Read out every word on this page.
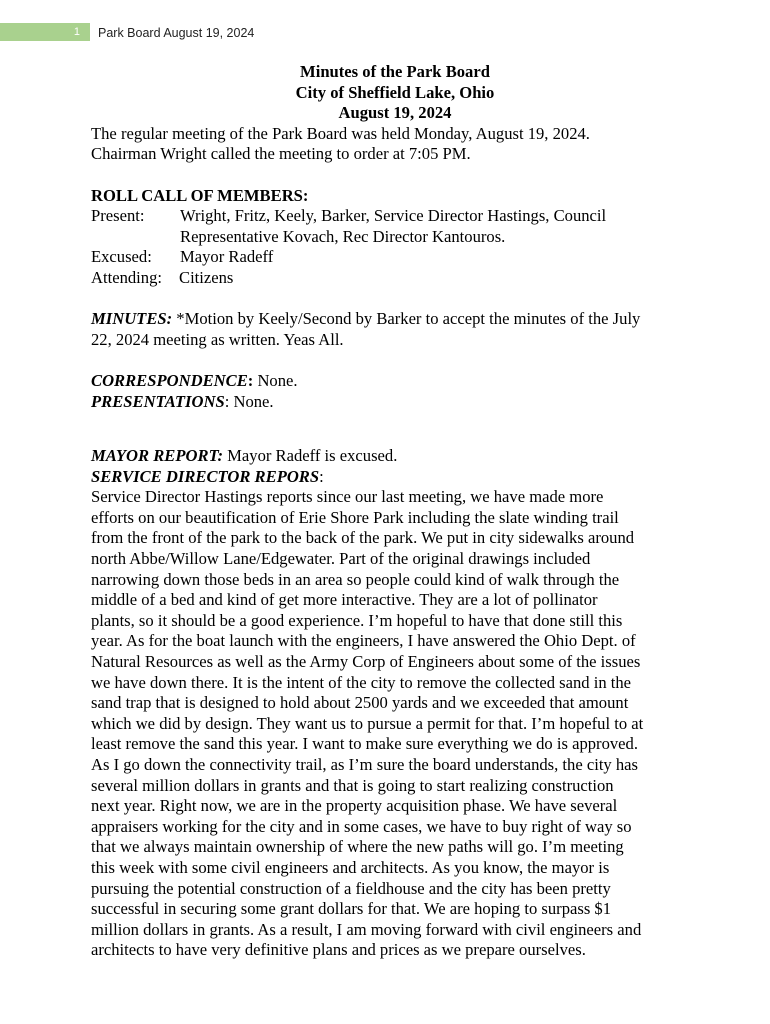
1	Park Board August 19, 2024
Minutes of the Park Board
City of Sheffield Lake, Ohio
August 19, 2024

The regular meeting of the Park Board was held Monday, August 19, 2024.

Chairman Wright called the meeting to order at 7:05 PM.

ROLL CALL OF MEMBERS:

Present:	Wright, Fritz, Keely, Barker, Service Director Hastings, Council
Representative Kovach, Rec Director Kantouros.
Excused:	Mayor Radeff
Attending:	Citizens

MINUTES: *Motion by Keely/Second by Barker to accept the minutes of the July
22, 2024 meeting as written. Yeas All.

CORRESPONDENCE: None.

PRESENTATIONS: None.

MAYOR REPORT: Mayor Radeff is excused.

SERVICE DIRECTOR REPORS:

Service Director Hastings reports since our last meeting, we have made more
efforts on our beautification of Erie Shore Park including the slate winding trail
from the front of the park to the back of the park. We put in city sidewalks around
north Abbe/Willow Lane/Edgewater. Part of the original drawings included
narrowing down those beds in an area so people could kind of walk through the
middle of a bed and kind of get more interactive. They are a lot of pollinator
plants, so it should be a good experience. I’m hopeful to have that done still this
year. As for the boat launch with the engineers, I have answered the Ohio Dept. of
Natural Resources as well as the Army Corp of Engineers about some of the issues
we have down there. It is the intent of the city to remove the collected sand in the
sand trap that is designed to hold about 2500 yards and we exceeded that amount
which we did by design. They want us to pursue a permit for that. I’m hopeful to at
least remove the sand this year. I want to make sure everything we do is approved.
As I go down the connectivity trail, as I’m sure the board understands, the city has
several million dollars in grants and that is going to start realizing construction
next year. Right now, we are in the property acquisition phase. We have several
appraisers working for the city and in some cases, we have to buy right of way so
that we always maintain ownership of where the new paths will go. I’m meeting
this week with some civil engineers and architects. As you know, the mayor is
pursuing the potential construction of a fieldhouse and the city has been pretty
successful in securing some grant dollars for that. We are hoping to surpass $1
million dollars in grants. As a result, I am moving forward with civil engineers and
architects to have very definitive plans and prices as we prepare ourselves.
